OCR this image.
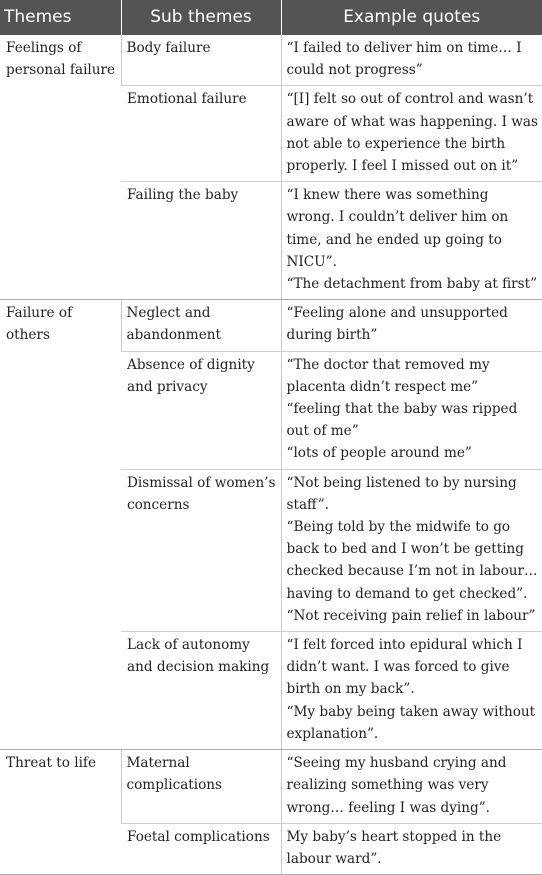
Themes	Sub themes	Example quotes
Feelings of personal failure	Body failure	“I failed to deliver him on time… I could not progress”

	Emotional failure	“[I] felt so out of control and wasn’t aware of what was happening. I was not able to experience the birth properly. I feel I missed out on it”

	Failing the baby	“I knew there was something wrong. I couldn’t deliver him on time, and he ended up going to NICU”.
“The detachment from baby at first”

Failure of others	Neglect and abandonment	“Feeling alone and unsupported during birth”

	Absence of dignity and privacy	“The doctor that removed my placenta didn’t respect me”
“feeling that the baby was ripped out of me”
“lots of people around me”

	Dismissal of women’s concerns	“Not being listened to by nursing staff”.
“Being told by the midwife to go back to bed and I won’t be getting checked because I’m not in labour…having to demand to get checked”.
“Not receiving pain relief in labour”

	Lack of autonomy and decision making	“I felt forced into epidural which I didn’t want. I was forced to give birth on my back”.
“My baby being taken away without explanation”.

Threat to life	Maternal complications	“Seeing my husband crying and realizing something was very wrong… feeling I was dying”.

	Foetal complications	My baby’s heart stopped in the labour ward”.
